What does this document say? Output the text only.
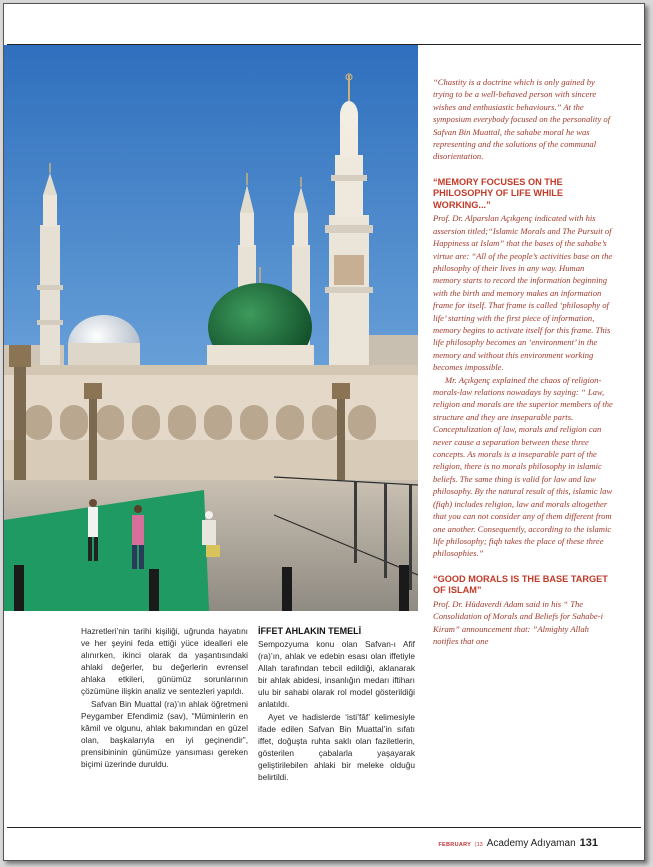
“Chastity is a doctrine which is only gained by trying to be a well-behaved person with sincere wishes and enthusiastic behaviours.” At the symposium everybody focused on the personality of Safvan Bin Muattal, the sahabe moral he was representing and the solutions of the communal disorientation.

“MEMORY FOCUSES ON THE PHILOSOPHY OF LIFE WHILE WORKING...”

Prof. Dr. Alparslan Açıkgenç indicated with his assersion titled;“Islamic Morals and The Pursuit of Happiness at Islam” that the bases of the sahabe’s virtue are: “All of the people’s activities base on the philosophy of their lives in any way. Human memory starts to record the information beginning with the birth and memory makes an information frame for itself. That frame is called ‘philosophy of life’ starting with the first piece of information, memory begins to activate itself for this frame. This life philosophy becomes an ‘environment’ in the memory and without this environment working becomes impossible.

Mr. Açıkgenç explained the chaos of religion-morals-law relations nowadays by saying: “ Law, religion and morals are the superior members of the structure and they are inseparable parts. Conceptulization of law, morals and religion can never cause a separation between these three concepts. As morals is a inseparable part of the religion, there is no morals philosophy in islamic beliefs. The same thing is valid for law and law philosophy. By the natural result of this, islamic law (fiqh) includes religion, law and morals altogether that you can not consider any of them different from one another. Consequently, according to the islamic life philosophy; fiqh takes the place of these three philosophies.”

“GOOD MORALS IS THE BASE TARGET OF ISLAM”

Prof. Dr. Hüdaverdi Adam said in his “ The Consolidation of Morals and Beliefs for Sahabe-i Kiram” announcement that: ”Almighty Allah notifies that one

Hazretleri’nin tarihi kişiliği, uğrunda hayatını ve her şeyini feda ettiği yüce idealleri ele alınırken, ikinci olarak da yaşantısındaki ahlaki değerler, bu değerlerin evrensel ahlaka etkileri, günümüz sorunlarının çözümüne ilişkin analiz ve sentezleri yapıldı.

Safvan Bin Muattal (ra)’ın ahlak öğretmeni Peygamber Efendimiz (sav), “Müminlerin en kâmil ve olgunu, ahlak bakımından en güzel olan, başkalarıyla en iyi geçinendir”, prensibininin günümüze yansıması gereken biçimi üzerinde duruldu.

İFFET AHLAKIN TEMELİ

Sempozyuma konu olan Safvan-ı Afif (ra)’ın, ahlak ve edebin esası olan iffetiyle Allah tarafından tebcil edildiği, aklanarak bir ahlak abidesi, insanlığın medarı iftiharı ulu bir sahabi olarak rol model gösterildiği anlatıldı.

Ayet ve hadislerde ‘isti’fâf’ kelimesiyle ifade edilen Safvan Bin Muattal’in sıfatı iffet, doğuşta ruhta saklı olan faziletlerin, gösterilen çabalarla yaşayarak geliştirilebilen ahlaki bir meleke olduğu belirtildi.

FEBRUARY |13 Academy Adıyaman 131
